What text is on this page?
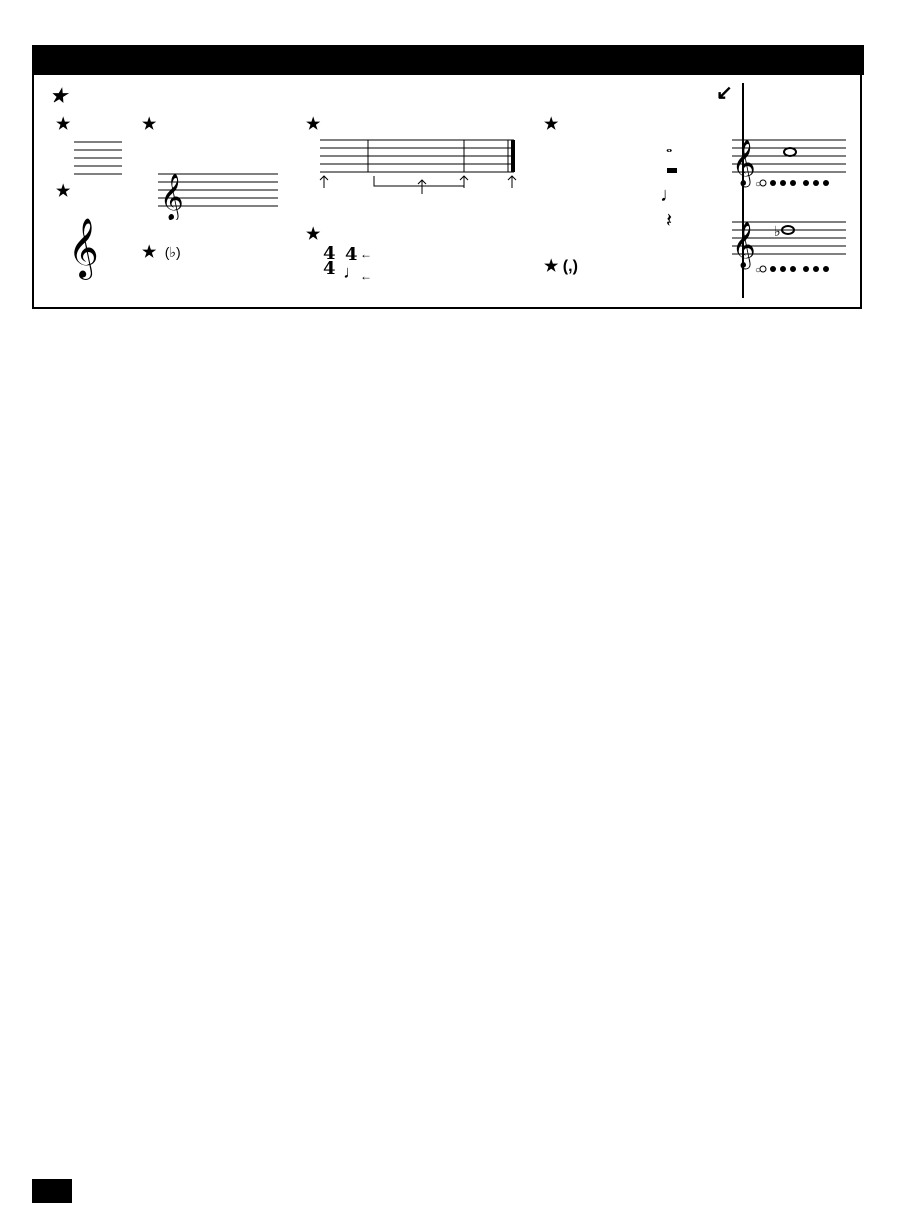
★
★
★
𝄞
★
𝄞
★  (♭)
★
★
4
4
4
♩
←
←
★
𝅝
♩
𝄽
★ (,)
↙
𝄞
𝄞 ♭
○
○
